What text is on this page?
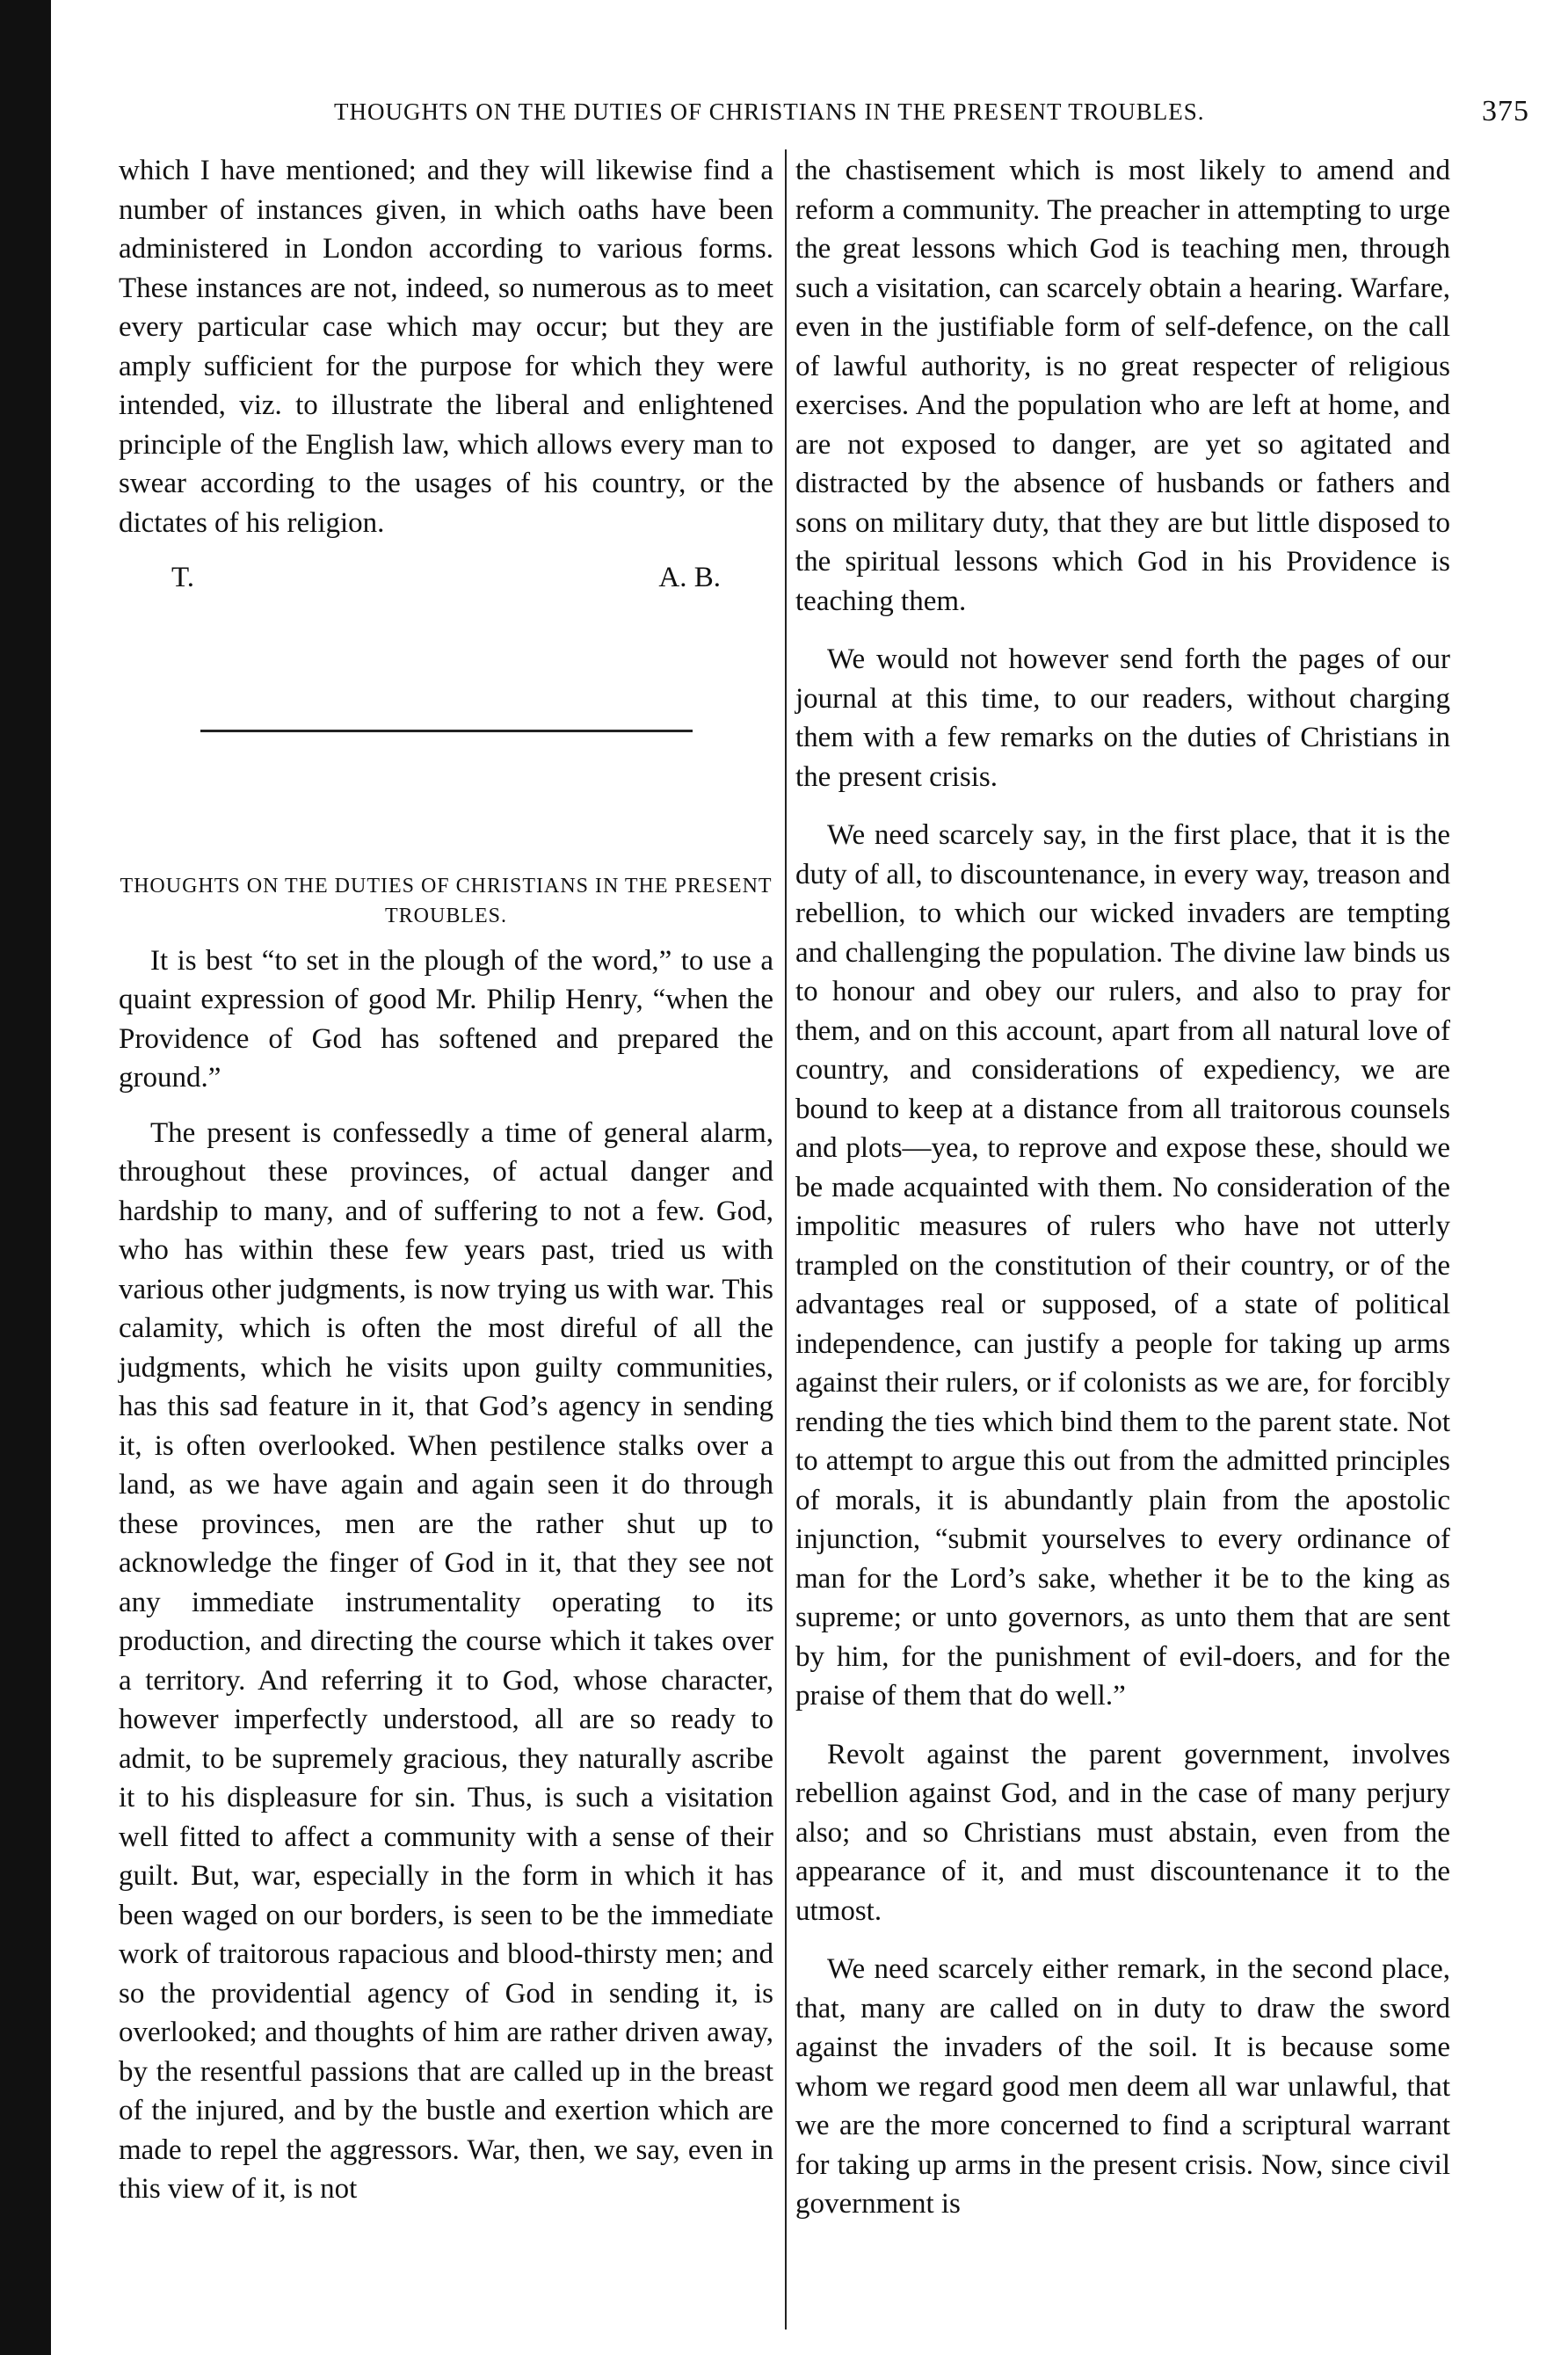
THOUGHTS ON THE DUTIES OF CHRISTIANS IN THE PRESENT TROUBLES.	375

which I have mentioned; and they will likewise find a number of instances given, in which oaths have been administered in London according to various forms. These instances are not, indeed, so numerous as to meet every particular case which may occur; but they are amply sufficient for the purpose for which they were intended, viz. to illustrate the liberal and enlightened principle of the English law, which allows every man to swear according to the usages of his country, or the dictates of his religion.

T.	A. B.
THOUGHTS ON THE DUTIES OF CHRISTIANS IN THE PRESENT TROUBLES.

It is best “to set in the plough of the word,” to use a quaint expression of good Mr. Philip Henry, “when the Providence of God has softened and prepared the ground.”

The present is confessedly a time of general alarm, throughout these provinces, of actual danger and hardship to many, and of suffering to not a few. God, who has within these few years past, tried us with various other judgments, is now trying us with war. This calamity, which is often the most direful of all the judgments, which he visits upon guilty communities, has this sad feature in it, that God’s agency in sending it, is often overlooked. When pestilence stalks over a land, as we have again and again seen it do through these provinces, men are the rather shut up to acknowledge the finger of God in it, that they see not any immediate instrumentality operating to its production, and directing the course which it takes over a territory. And referring it to God, whose character, however imperfectly understood, all are so ready to admit, to be supremely gracious, they naturally ascribe it to his displeasure for sin. Thus, is such a visitation well fitted to affect a community with a sense of their guilt. But, war, especially in the form in which it has been waged on our borders, is seen to be the immediate work of traitorous rapacious and blood-thirsty men; and so the providential agency of God in sending it, is overlooked; and thoughts of him are rather driven away, by the resentful passions that are called up in the breast of the injured, and by the bustle and exertion which are made to repel the aggressors. War, then, we say, even in this view of it, is not

the chastisement which is most likely to amend and reform a community. The preacher in attempting to urge the great lessons which God is teaching men, through such a visitation, can scarcely obtain a hearing. Warfare, even in the justifiable form of self-defence, on the call of lawful authority, is no great respecter of religious exercises. And the population who are left at home, and are not exposed to danger, are yet so agitated and distracted by the absence of husbands or fathers and sons on military duty, that they are but little disposed to the spiritual lessons which God in his Providence is teaching them.

We would not however send forth the pages of our journal at this time, to our readers, without charging them with a few remarks on the duties of Christians in the present crisis.

We need scarcely say, in the first place, that it is the duty of all, to discountenance, in every way, treason and rebellion, to which our wicked invaders are tempting and challenging the population. The divine law binds us to honour and obey our rulers, and also to pray for them, and on this account, apart from all natural love of country, and considerations of expediency, we are bound to keep at a distance from all traitorous counsels and plots—yea, to reprove and expose these, should we be made acquainted with them. No consideration of the impolitic measures of rulers who have not utterly trampled on the constitution of their country, or of the advantages real or supposed, of a state of political independence, can justify a people for taking up arms against their rulers, or if colonists as we are, for forcibly rending the ties which bind them to the parent state. Not to attempt to argue this out from the admitted principles of morals, it is abundantly plain from the apostolic injunction, “submit yourselves to every ordinance of man for the Lord’s sake, whether it be to the king as supreme; or unto governors, as unto them that are sent by him, for the punishment of evil-doers, and for the praise of them that do well.”

Revolt against the parent government, involves rebellion against God, and in the case of many perjury also; and so Christians must abstain, even from the appearance of it, and must discountenance it to the utmost.

We need scarcely either remark, in the second place, that, many are called on in duty to draw the sword against the invaders of the soil. It is because some whom we regard good men deem all war unlawful, that we are the more concerned to find a scriptural warrant for taking up arms in the present crisis. Now, since civil government is
